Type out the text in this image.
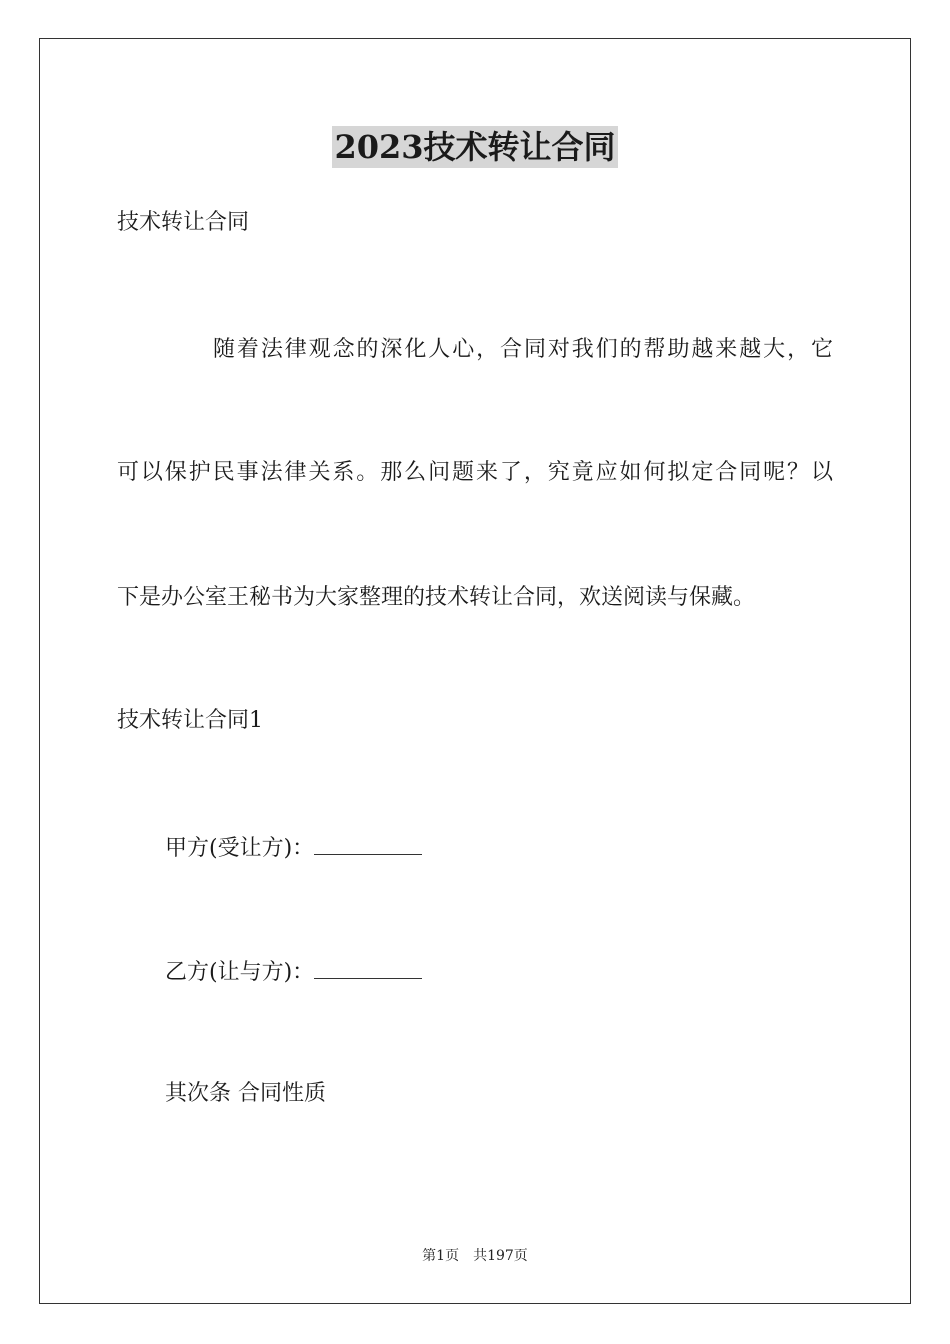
2023技术转让合同
技术转让合同
随着法律观念的深化人心，合同对我们的帮助越来越大，它
可以保护民事法律关系。那么问题来了，究竟应如何拟定合同呢？以
下是办公室王秘书为大家整理的技术转让合同，欢送阅读与保藏。
技术转让合同1
甲方(受让方)：
乙方(让与方)：
其次条 合同性质
第1页　共197页
